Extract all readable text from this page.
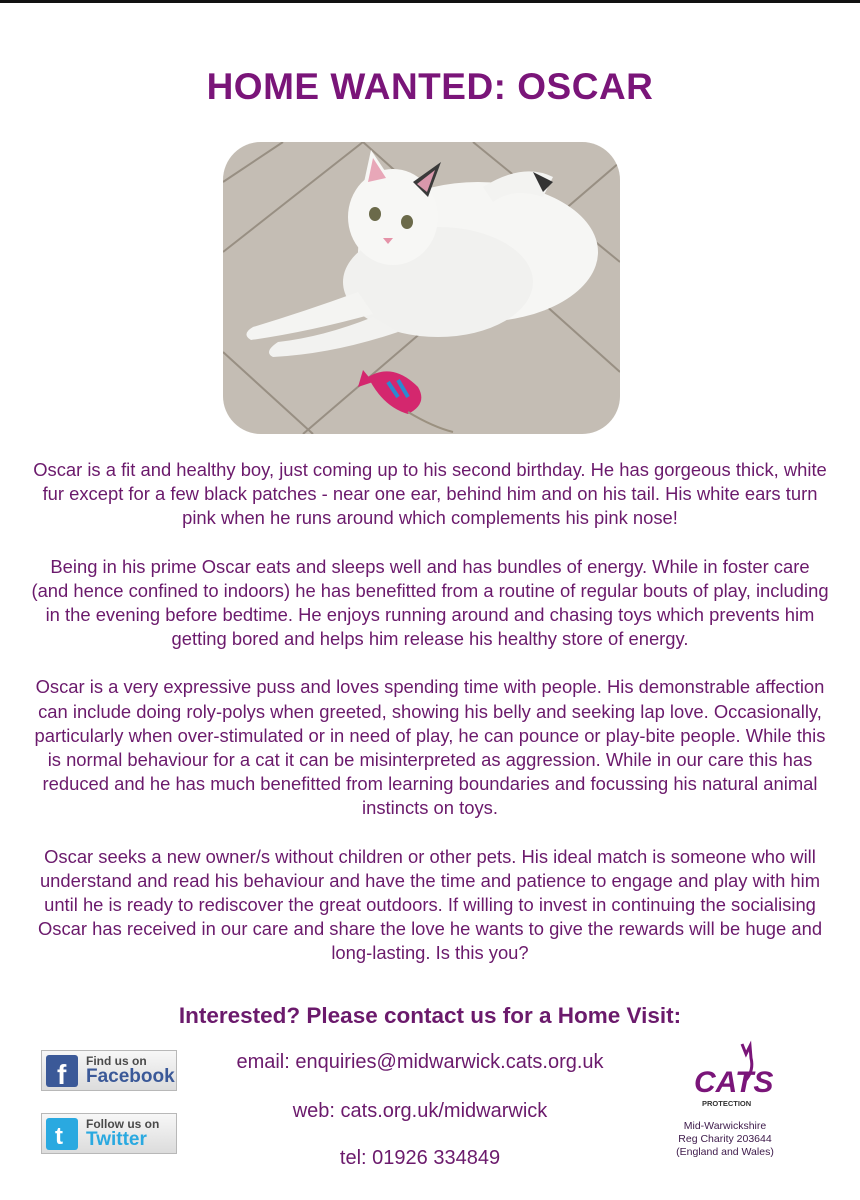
HOME WANTED: OSCAR

Oscar is a fit and healthy boy, just coming up to his second birthday. He has gorgeous thick, white fur except for a few black patches - near one ear, behind him and on his tail. His white ears turn pink when he runs around which complements his pink nose!

Being in his prime Oscar eats and sleeps well and has bundles of energy. While in foster care (and hence confined to indoors) he has benefitted from a routine of regular bouts of play, including in the evening before bedtime. He enjoys running around and chasing toys which prevents him getting bored and helps him release his healthy store of energy.

Oscar is a very expressive puss and loves spending time with people. His demonstrable affection can include doing roly-polys when greeted, showing his belly and seeking lap love. Occasionally, particularly when over-stimulated or in need of play, he can pounce or play-bite people. While this is normal behaviour for a cat it can be misinterpreted as aggression. While in our care this has reduced and he has much benefitted from learning boundaries and focussing his natural animal instincts on toys.

Oscar seeks a new owner/s without children or other pets. His ideal match is someone who will understand and read his behaviour and have the time and patience to engage and play with him until he is ready to rediscover the great outdoors. If willing to invest in continuing the socialising Oscar has received in our care and share the love he wants to give the rewards will be huge and long-lasting. Is this you?

Interested? Please contact us for a Home Visit:
email: enquiries@midwarwick.cats.org.uk
web: cats.org.uk/midwarwick
tel: 01926 334849
f Find us on
Facebook
t Follow us on
Twitter
CATS
PROTECTION
Mid-Warwickshire
Reg Charity 203644
(England and Wales)
